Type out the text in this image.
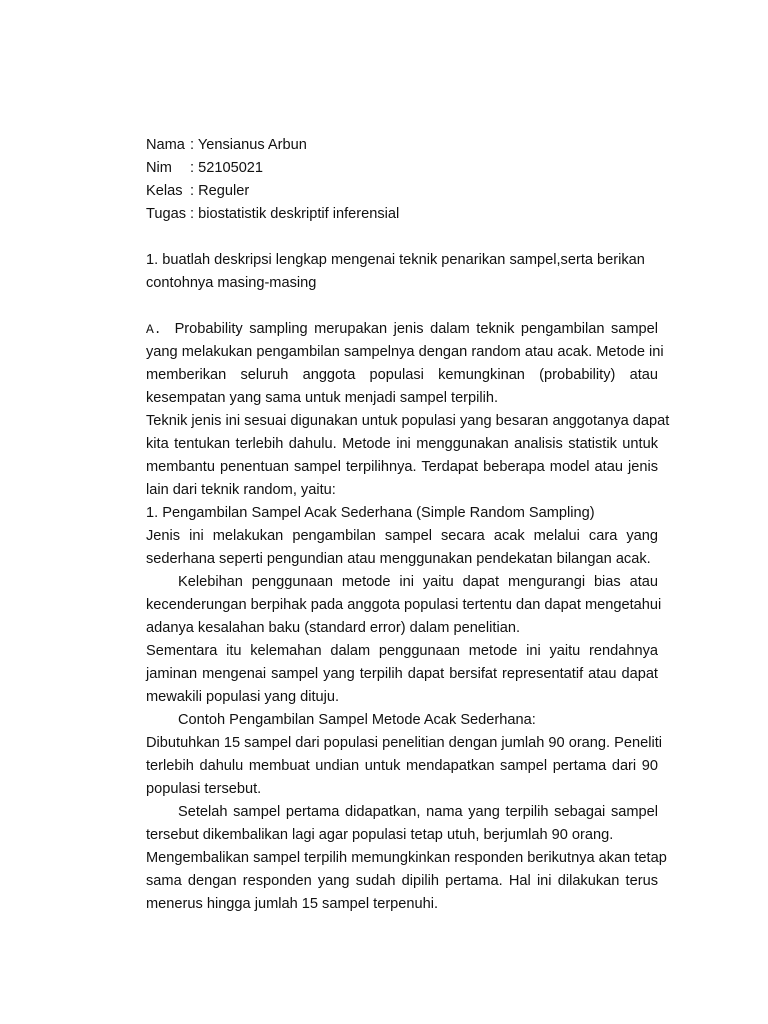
Nama : Yensianus Arbun
Nim : 52105021
Kelas : Reguler
Tugas : biostatistik deskriptif inferensial
1. buatlah deskripsi lengkap mengenai teknik penarikan sampel,serta berikan
contohnya masing-masing
A. Probability sampling merupakan jenis dalam teknik pengambilan sampel
yang melakukan pengambilan sampelnya dengan random atau acak. Metode ini
memberikan seluruh anggota populasi kemungkinan (probability) atau
kesempatan yang sama untuk menjadi sampel terpilih.
Teknik jenis ini sesuai digunakan untuk populasi yang besaran anggotanya dapat
kita tentukan terlebih dahulu. Metode ini menggunakan analisis statistik untuk
membantu penentuan sampel terpilihnya. Terdapat beberapa model atau jenis
lain dari teknik random, yaitu:
1. Pengambilan Sampel Acak Sederhana (Simple Random Sampling)
Jenis ini melakukan pengambilan sampel secara acak melalui cara yang
sederhana seperti pengundian atau menggunakan pendekatan bilangan acak.
Kelebihan penggunaan metode ini yaitu dapat mengurangi bias atau
kecenderungan berpihak pada anggota populasi tertentu dan dapat mengetahui
adanya kesalahan baku (standard error) dalam penelitian.
Sementara itu kelemahan dalam penggunaan metode ini yaitu rendahnya
jaminan mengenai sampel yang terpilih dapat bersifat representatif atau dapat
mewakili populasi yang dituju.
Contoh Pengambilan Sampel Metode Acak Sederhana:
Dibutuhkan 15 sampel dari populasi penelitian dengan jumlah 90 orang. Peneliti
terlebih dahulu membuat undian untuk mendapatkan sampel pertama dari 90
populasi tersebut.
Setelah sampel pertama didapatkan, nama yang terpilih sebagai sampel
tersebut dikembalikan lagi agar populasi tetap utuh, berjumlah 90 orang.
Mengembalikan sampel terpilih memungkinkan responden berikutnya akan tetap
sama dengan responden yang sudah dipilih pertama. Hal ini dilakukan terus
menerus hingga jumlah 15 sampel terpenuhi.
